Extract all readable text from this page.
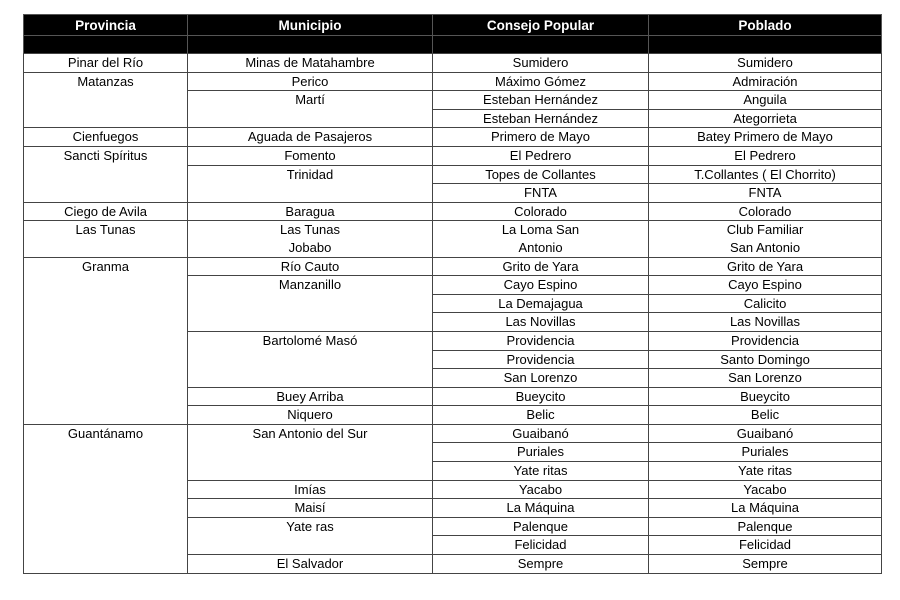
Provincia	Municipio	Consejo Popular	Poblado

Pinar del Río	Minas de Matahambre	Sumidero	Sumidero
Matanzas	Perico	Máximo Gómez	Admiración
	Martí	Esteban Hernández	Anguila
		Esteban Hernández	Ategorrieta
Cienfuegos	Aguada de Pasajeros	Primero de Mayo	Batey Primero de Mayo
Sancti Spíritus	Fomento	El Pedrero	El Pedrero
	Trinidad	Topes de Collantes	T.Collantes ( El Chorrito)
		FNTA	FNTA
Ciego de Avila	Baragua	Colorado	Colorado
Las Tunas	Las Tunas	La Loma San	Club Familiar
	Jobabo	Antonio	San Antonio
Granma	Río Cauto	Grito de Yara	Grito de Yara
	Manzanillo	Cayo Espino	Cayo Espino
		La Demajagua	Calicito
		Las Novillas	Las Novillas
	Bartolomé Masó	Providencia	Providencia
		Providencia	Santo Domingo
		San Lorenzo	San Lorenzo
	Buey Arriba	Bueycito	Bueycito
	Niquero	Belic	Belic
Guantánamo	San Antonio del Sur	Guaibanó	Guaibanó
		Puriales	Puriales
		Yate ritas	Yate ritas
	Imías	Yacabo	Yacabo
	Maisí	La Máquina	La Máquina
	Yate ras	Palenque	Palenque
		Felicidad	Felicidad
	El Salvador	Sempre	Sempre
